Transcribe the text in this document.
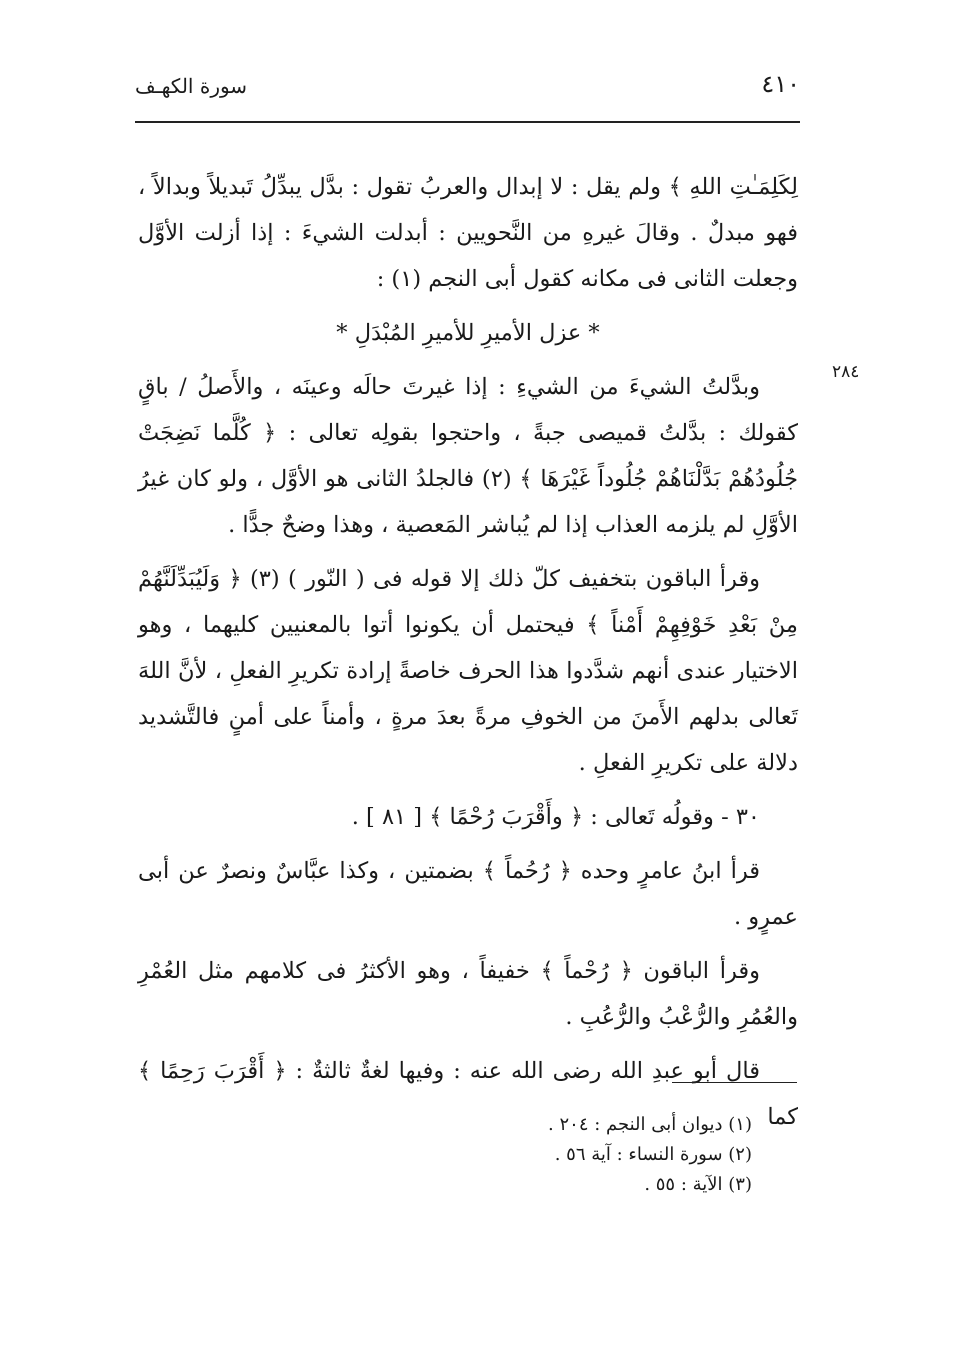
٤١٠
سورة الكهـف
٢٨٤

لِكَلِمَـٰتِ اللهِ ﴾ ولم يقل : لا إبدال والعربُ تقول : بدَّل يبدِّلُ تَبديلاً وبدالاً ، فهو مبدلٌ . وقالَ غيرهِ من النَّحويين : أبدلت الشيءَ : إذا أزلت الأوَّل وجعلت الثانى فى مكانه كقول أبى النجم (١) :

* عزل الأميرِ للأميرِ المُبْدَلِ *

وبدَّلتُ الشيءَ من الشيءِ : إذا غيرتَ حالَه وعينَه ، والأَصلُ / باقٍ كقولك : بدَّلتُ قميصى جبةً ، واحتجوا بقولِه تعالى : ﴿ كُلَّما نَضِجَتْ جُلُودُهُمْ بَدَّلْنَاهُمْ جُلُوداً غَيْرَهَا ﴾ (٢) فالجلدُ الثانى هو الأوَّل ، ولو كان غيرُ الأوَّلِ لم يلزمه العذاب إذا لم يُباشر المَعصية ، وهذا وضحٌ جدًّا .

وقرأ الباقون بتخفيف كلّ ذلك إلا قوله فى ( النّور ) (٣) ﴿ وَلَيُبَدِّلَنَّهُمْ مِنْ بَعْدِ خَوْفِهِمْ أَمْناً ﴾ فيحتمل أن يكونوا أتوا بالمعنيين كليهما ، وهو الاختيار عندى أنهم شدَّدوا هذا الحرف خاصةً إرادة تكريرِ الفعلِ ، لأنَّ اللهَ تَعالى بدلهم الأَمنَ من الخوفِ مرةً بعدَ مرةٍ ، وأمناً على أمنٍ فالتَّشديد دلالة على تكريرِ الفعلِ .

٣٠ - وقولُه تَعالى : ﴿ وأَقْرَبَ رُحْمًا ﴾ [ ٨١ ] .

قرأ ابنُ عامرٍ وحده ﴿ رُحُماً ﴾ بضمتين ، وكذا عبَّاسٌ ونصرٌ عن أبى عمرٍو .

وقرأ الباقون ﴿ رُحْماً ﴾ خفيفاً ، وهو الأكثرُ فى كلامهم مثل العُمْرِ والعُمُرِ والرُّعْبُ والرُّعُبِ .

قال أبو عبدِ الله رضى الله عنه : وفيها لغةٌ ثالثةٌ : ﴿ أَقْرَبَ رَحِمًا ﴾ كما

(١) ديوان أبى النجم : ٢٠٤ .
(٢) سورة النساء : آية ٥٦ .
(٣) الآية : ٥٥ .
